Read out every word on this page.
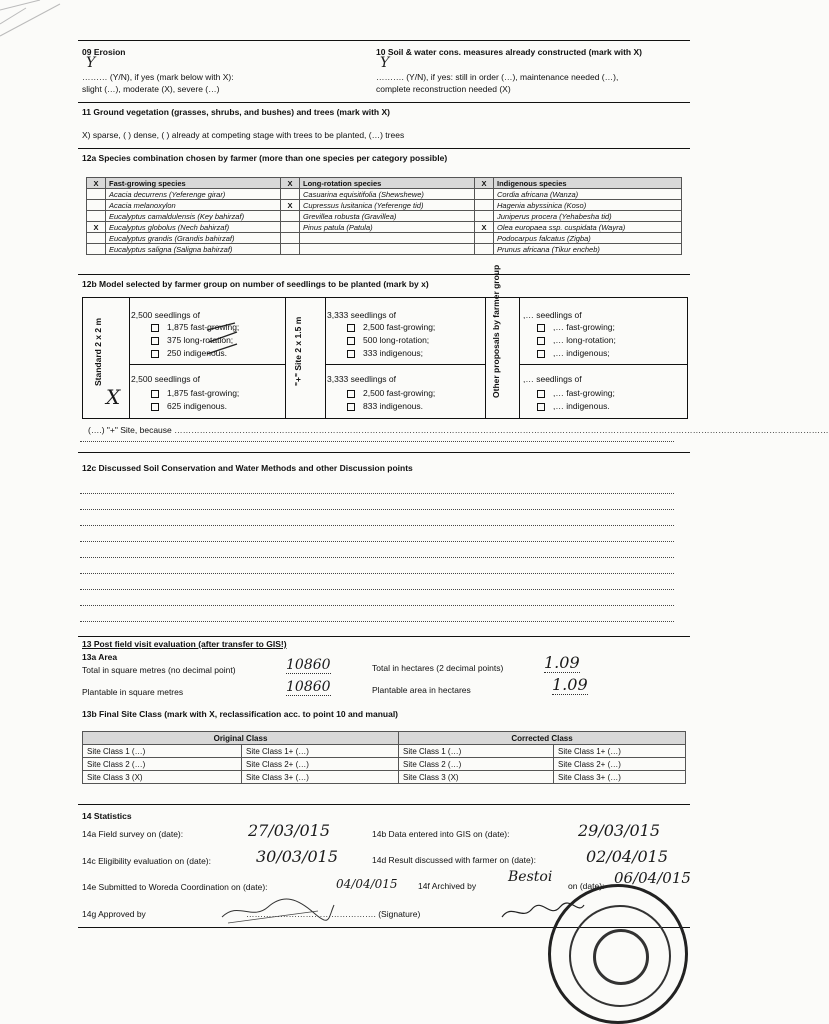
09 Erosion
Y
……… (Y/N), if yes (mark below with X):
slight (…), moderate (X), severe (…)
10 Soil & water cons. measures already constructed (mark with X)
Y
………. (Y/N), if yes: still in order (…), maintenance needed (…),
complete reconstruction needed (X)
11 Ground vegetation (grasses, shrubs, and bushes) and trees (mark with X)
X) sparse, ( ) dense, ( ) already at competing stage with trees to be planted, (…) trees
12a Species combination chosen by farmer (more than one species per category possible)
X	Fast-growing species	X	Long-rotation species	X	Indigenous species
	Acacia decurrens (Yeferenge girar)		Casuarina equisitifolia (Shewshewe)		Cordia africana (Wanza)
	Acacia melanoxylon	X	Cupressus lusitanica (Yeferenge tid)		Hagenia abyssinica (Koso)
	Eucalyptus camaldulensis (Key bahirzaf)		Grevillea robusta (Gravillea)		Juniperus procera (Yehabesha tid)
X	Eucalyptus globolus (Nech bahirzaf)		Pinus patula (Patula)	X	Olea europaea ssp. cuspidata (Wayra)
	Eucalyptus grandis (Grandis bahirzaf)				Podocarpus falcatus (Zigba)
	Eucalyptus saligna (Saligna bahirzaf)				Prunus africana (Tikur encheb)
12b Model selected by farmer group on number of seedlings to be planted (mark by x)
Standard 2 x 2 m
2,500 seedlings of
1,875 fast-growing;
375 long-rotation;
250 indigenous.
2,500 seedlings of
1,875 fast-growing;
625 indigenous.
"+" Site 2 x 1.5 m
3,333 seedlings of
2,500 fast-growing;
500 long-rotation;
333 indigenous;
3,333 seedlings of
2,500 fast-growing;
833 indigenous.
Other proposals by farmer group	,… seedlings of
,… fast-growing;
,… long-rotation;
,… indigenous;
,… seedlings of
,… fast-growing;
,… indigenous.
X
(….) "+" Site, because ……………………………………………………………………………………………………………………………………………………………………………………………………………
12c Discussed Soil Conservation and Water Methods and other Discussion points
13 Post field visit evaluation (after transfer to GIS!)
13a Area
Total in square metres (no decimal point)	10860	Total in hectares (2 decimal points)	1.09
Plantable in square metres	10860	Plantable area in hectares	1.09
13b Final Site Class (mark with X, reclassification acc. to point 10 and manual)
Original Class		Corrected Class	
Site Class 1 (…)	Site Class 1+ (…)	Site Class 1 (…)	Site Class 1+ (…)
Site Class 2 (…)	Site Class 2+ (…)	Site Class 2 (…)	Site Class 2+ (…)
Site Class 3 (X)	Site Class 3+ (…)	Site Class 3 (X)	Site Class 3+ (…)
14 Statistics
14a Field survey on (date):	27/03/015	14b Data entered into GIS on (date):	29/03/015
14c Eligibility evaluation on (date):	30/03/015	14d Result discussed with farmer on (date):	02/04/015
14e Submitted to Woreda Coordination on (date):	04/04/015 14f Archived by
Bestoi
on (date): 06/04/015
14g Approved by	………………………………………. (Signature)
